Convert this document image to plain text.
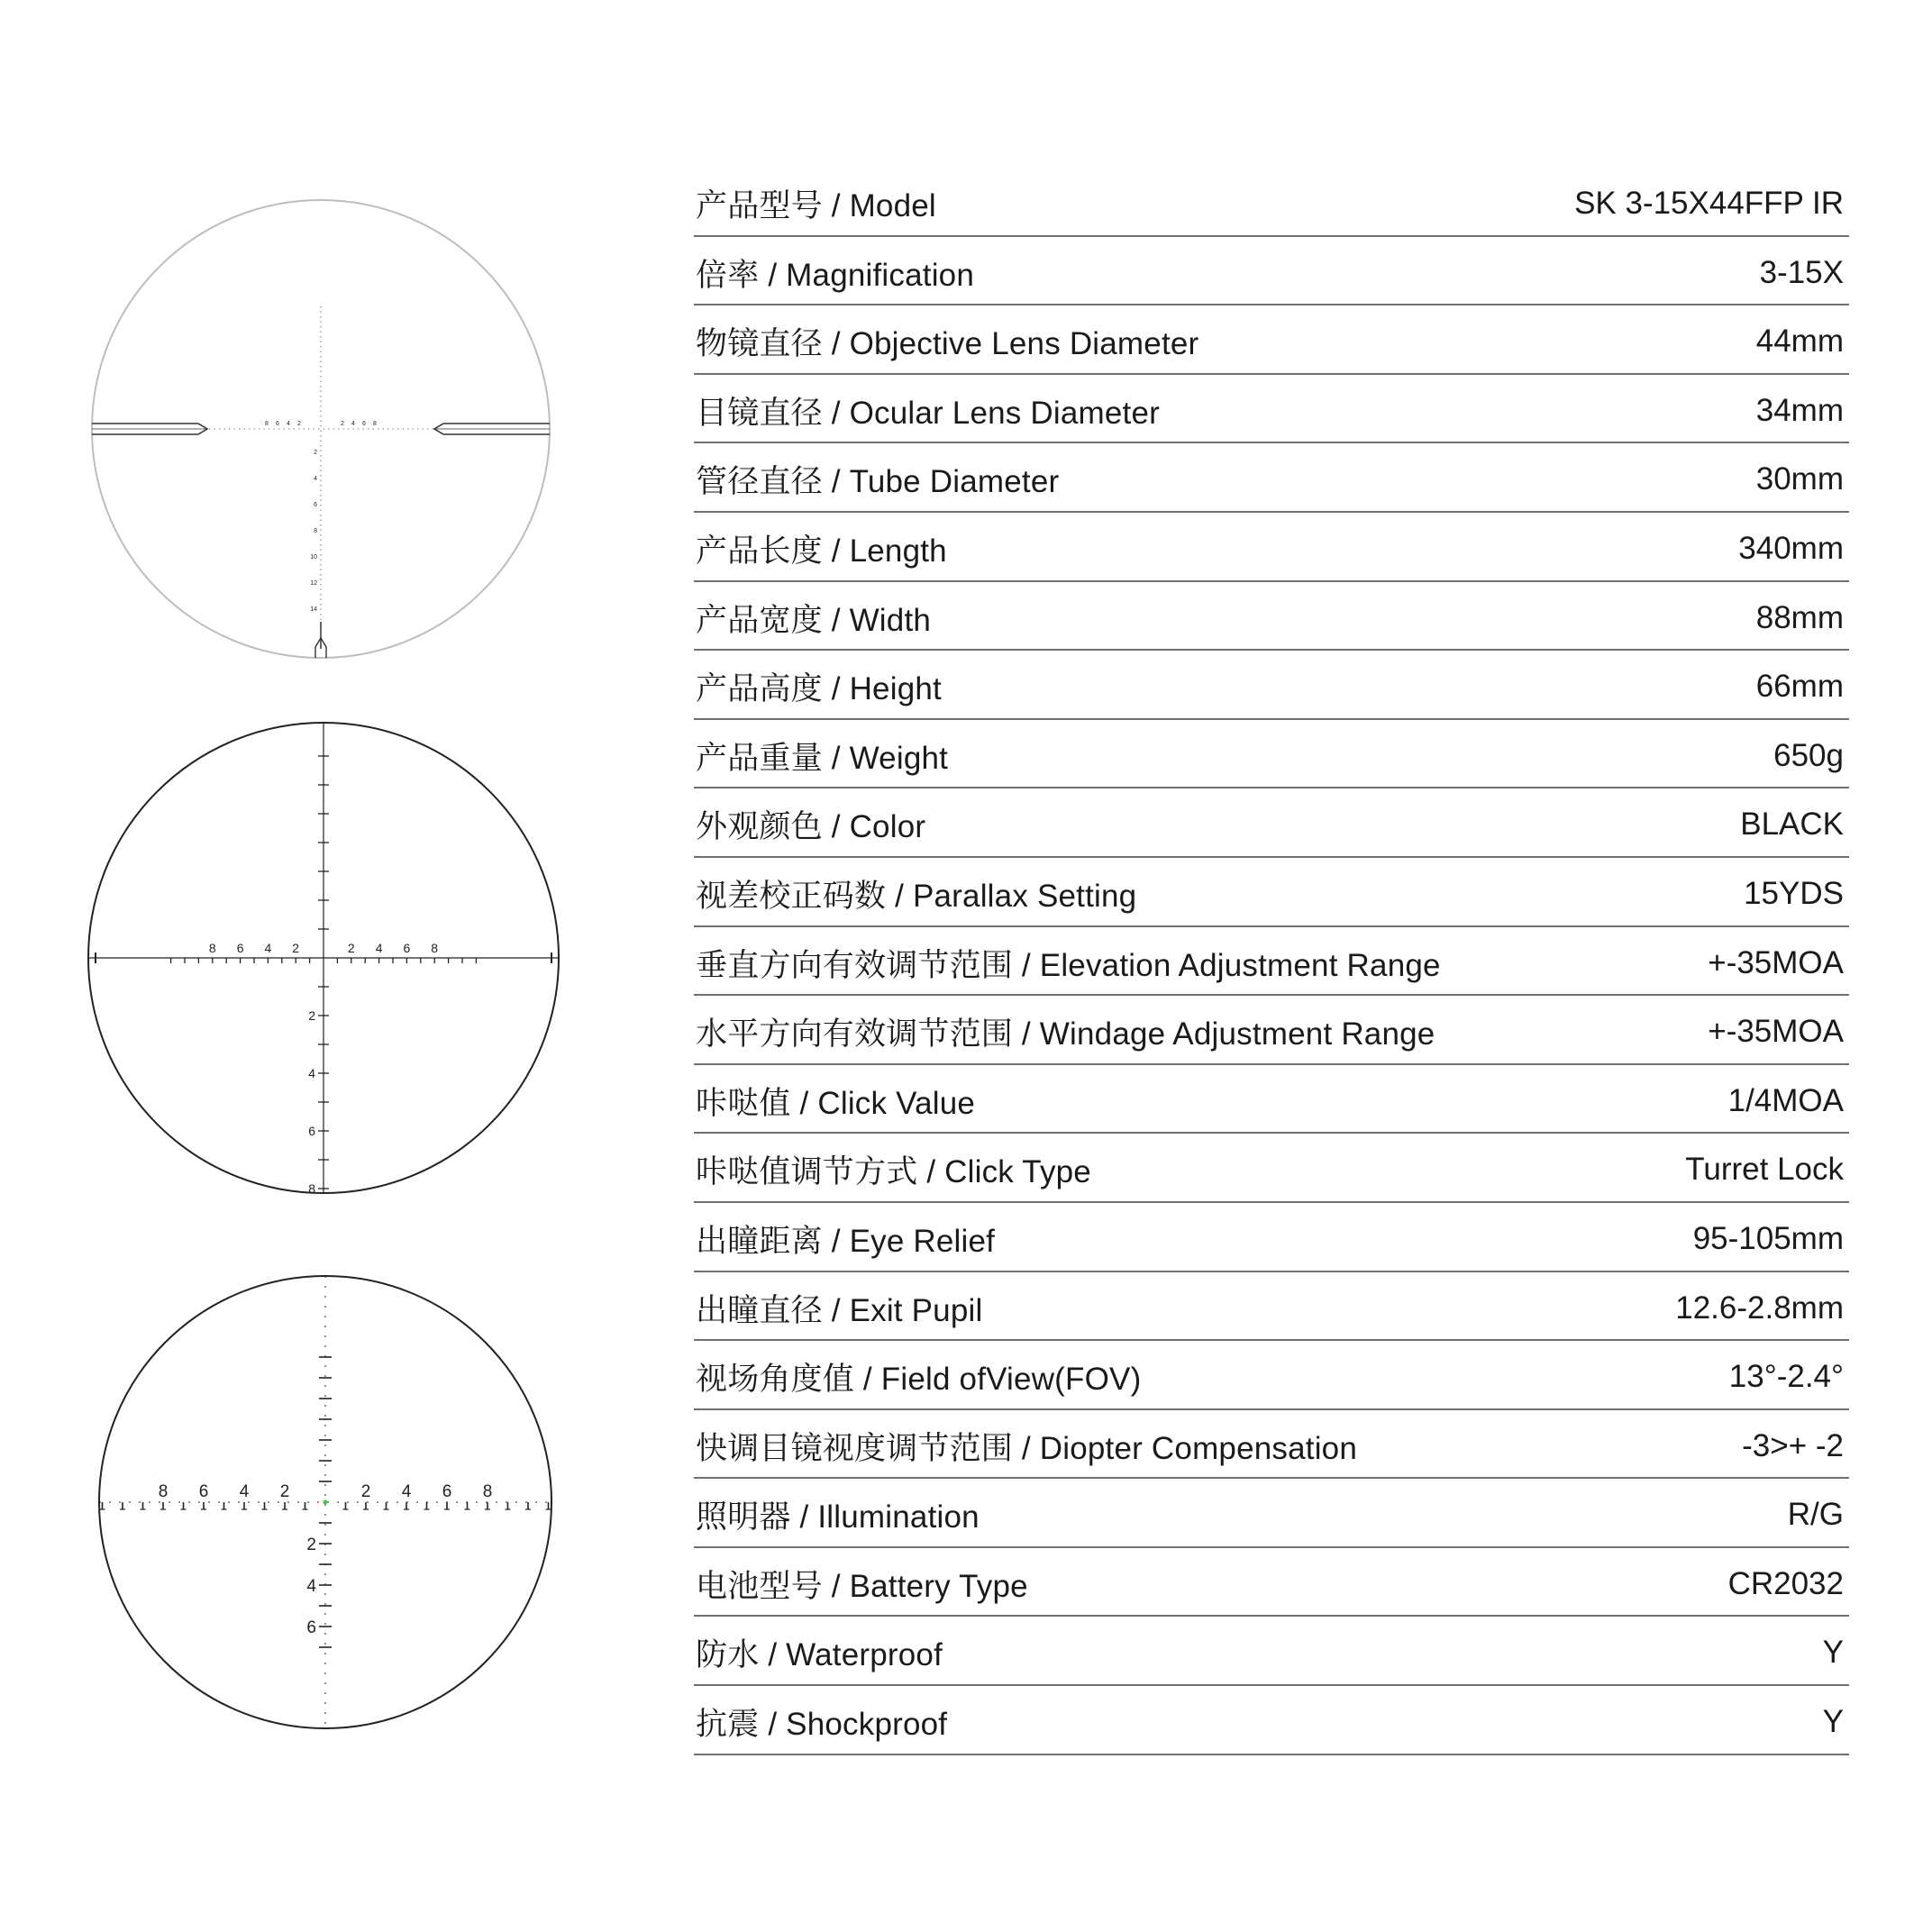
8 6 4 2	2 4 6 8
2
4
6
8
10
12
14
8 6 4 2	2 4 6 8
2
4
6
8
8 6 4 2	2 4 6 8
2
4
6
产品型号 / Model	SK 3-15X44FFP IR
倍率 / Magnification	3-15X
物镜直径 / Objective Lens Diameter	44mm
目镜直径 / Ocular Lens Diameter	34mm
管径直径 / Tube Diameter	30mm
产品长度 / Length	340mm
产品宽度 / Width	88mm
产品高度 / Height	66mm
产品重量 / Weight	650g
外观颜色 / Color	BLACK
视差校正码数 / Parallax Setting	15YDS
垂直方向有效调节范围 / Elevation Adjustment Range	+-35MOA
水平方向有效调节范围 / Windage Adjustment Range	+-35MOA
咔哒值 / Click Value	1/4MOA
咔哒值调节方式 / Click Type	Turret Lock
出瞳距离 / Eye Relief	95-105mm
出瞳直径 / Exit Pupil	12.6-2.8mm
视场角度值 / Field ofView(FOV)	13°-2.4°
快调目镜视度调节范围 / Diopter Compensation	-3>+ -2
照明器 / Illumination	R/G
电池型号 / Battery Type	CR2032
防水 / Waterproof	Y
抗震 / Shockproof	Y
